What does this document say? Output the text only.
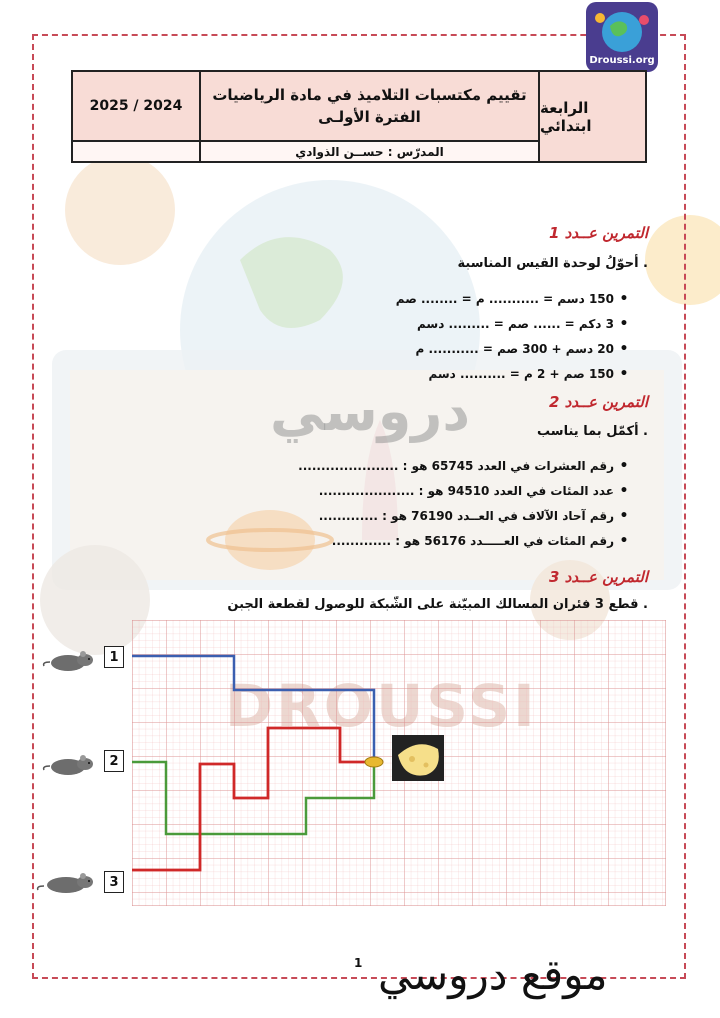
Droussi.org
الرابعة ابتدائي
تقييم مكتسبات التلاميذ في مادة الرياضيات
الفترة الأولـى
2025 / 2024
المدرّس : حســن الذوادي
دروسي
التمرين عــدد 1
أحوّلُ لوحدة القيس المناسبة .
• 150 دسم = ........... م = ........ صم
• 3 دكم = ...... صم = ......... دسم
• 20 دسم + 300 صم = ........... م
• 150 صم + 2 م = .......... دسم
التمرين عــدد 2
أكمّل بما يناسب .
• رقم العشرات في العدد 65745 هو : ......................
• عدد المئات في العدد 94510 هو : .....................
• رقم آحاد الآلاف في العــدد 76190 هو : .............
• رقم المئات في العـــــدد 56176 هو : .............
التمرين عــدد 3
قطع 3 فئران المسالك المبيّنة على الشّبكة للوصول لقطعة الجبن .
1
2
3
1 موقع دروسي
